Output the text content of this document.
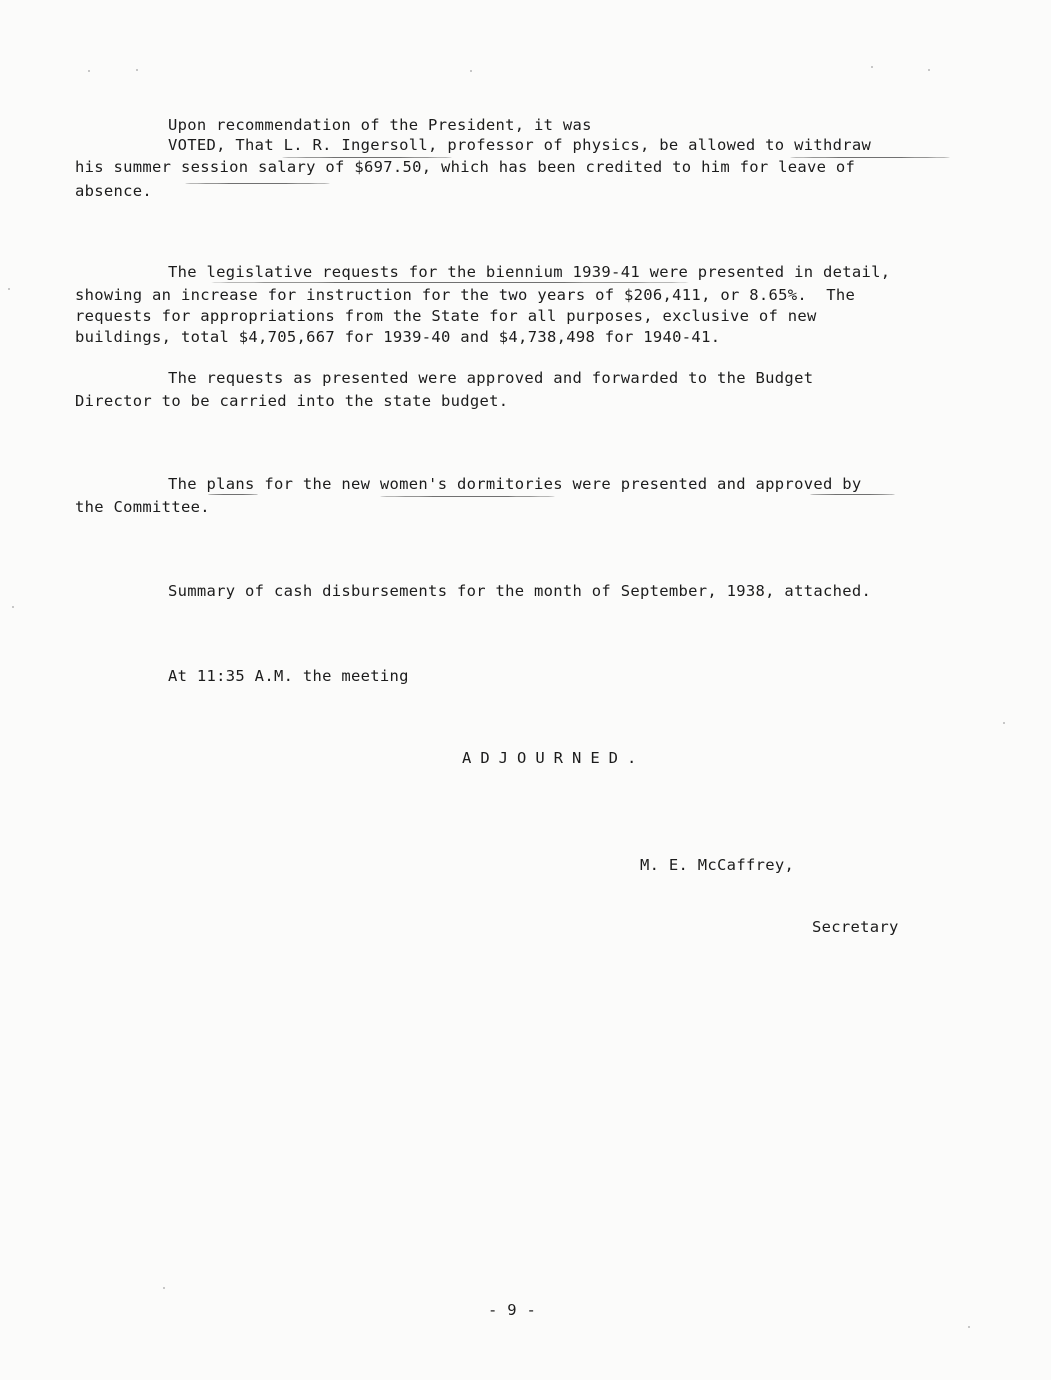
Upon recommendation of the President, it was
VOTED, That L. R. Ingersoll, professor of physics, be allowed to withdraw
his summer session salary of $697.50, which has been credited to him for leave of
absence.
The legislative requests for the biennium 1939-41 were presented in detail,
showing an increase for instruction for the two years of $206,411, or 8.65%.  The
requests for appropriations from the State for all purposes, exclusive of new
buildings, total $4,705,667 for 1939-40 and $4,738,498 for 1940-41.
The requests as presented were approved and forwarded to the Budget
Director to be carried into the state budget.
The plans for the new women's dormitories were presented and approved by
the Committee.
Summary of cash disbursements for the month of September, 1938, attached.
At 11:35 A.M. the meeting
ADJOURNED.
M. E. McCaffrey,
Secretary
- 9 -
